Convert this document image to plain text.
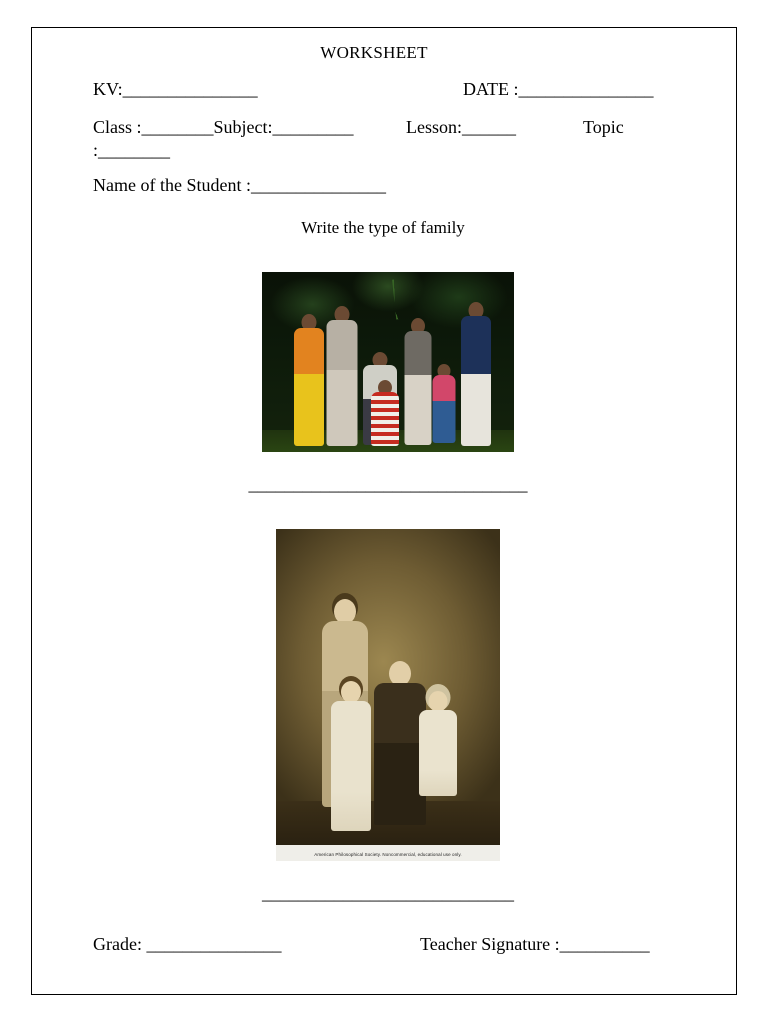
WORKSHEET
KV:_______________	DATE :_______________
Class :________Subject:_________	Lesson:______	Topic
:________
Name of the Student :_______________
Write the type of family
_______________________________
American Philosophical Society. Noncommercial, educational use only.
____________________________
Grade: _______________	Teacher Signature :__________
